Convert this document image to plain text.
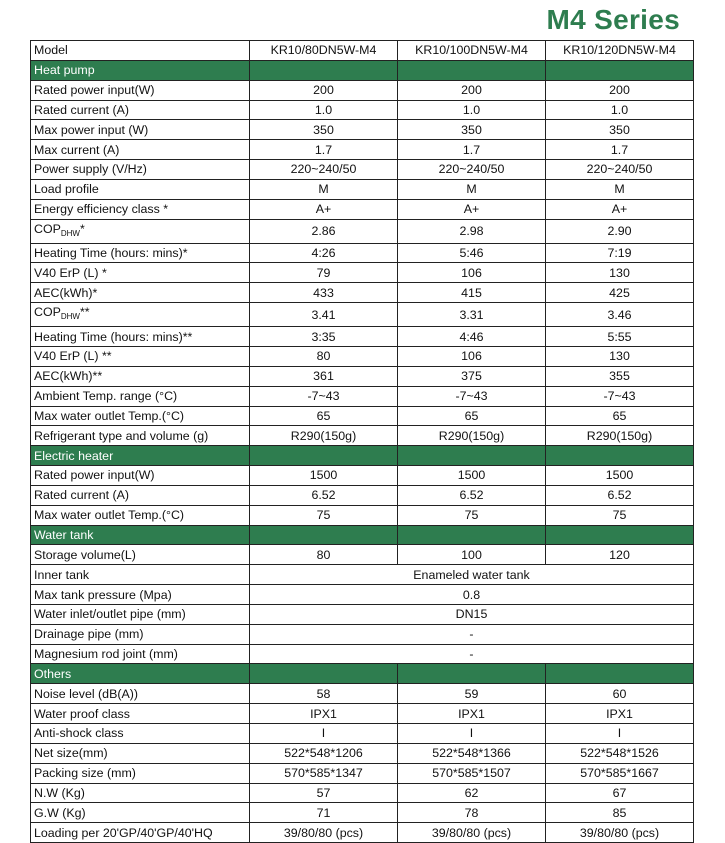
M4 Series
Model	KR10/80DN5W-M4	KR10/100DN5W-M4	KR10/120DN5W-M4
Heat pump			
Rated power input(W)	200	200	200
Rated current (A)	1.0	1.0	1.0
Max power input (W)	350	350	350
Max current (A)	1.7	1.7	1.7
Power supply (V/Hz)	220~240/50	220~240/50	220~240/50
Load profile	M	M	M
Energy efficiency class *	A+	A+	A+
$COP_{DHW}*$	2.86	2.98	2.90
Heating Time (hours: mins)*	4:26	5:46	7:19
V40 ErP (L) *	79	106	130
AEC(kWh)*	433	415	425
$COP_{DHW}**$	3.41	3.31	3.46
Heating Time (hours: mins)**	3:35	4:46	5:55
V40 ErP (L) **	80	106	130
AEC(kWh)**	361	375	355
Ambient Temp. range (°C)	-7~43	-7~43	-7~43
Max water outlet Temp.(°C)	65	65	65
Refrigerant type and volume (g)	R290(150g)	R290(150g)	R290(150g)
Electric heater			
Rated power input(W)	1500	1500	1500
Rated current (A)	6.52	6.52	6.52
Max water outlet Temp.(°C)	75	75	75
Water tank			
Storage volume(L)	80	100	120
Inner tank	Enameled water tank		
Max tank pressure (Mpa)	0.8		
Water inlet/outlet pipe (mm)	DN15		
Drainage pipe (mm)	-		
Magnesium rod joint (mm)	-		
Others			
Noise level (dB(A))	58	59	60
Water proof class	IPX1	IPX1	IPX1
Anti-shock class	I	I	I
Net size(mm)	522*548*1206	522*548*1366	522*548*1526
Packing size (mm)	570*585*1347	570*585*1507	570*585*1667
N.W (Kg)	57	62	67
G.W (Kg)	71	78	85
Loading per 20'GP/40'GP/40'HQ	39/80/80 (pcs)	39/80/80 (pcs)	39/80/80 (pcs)
